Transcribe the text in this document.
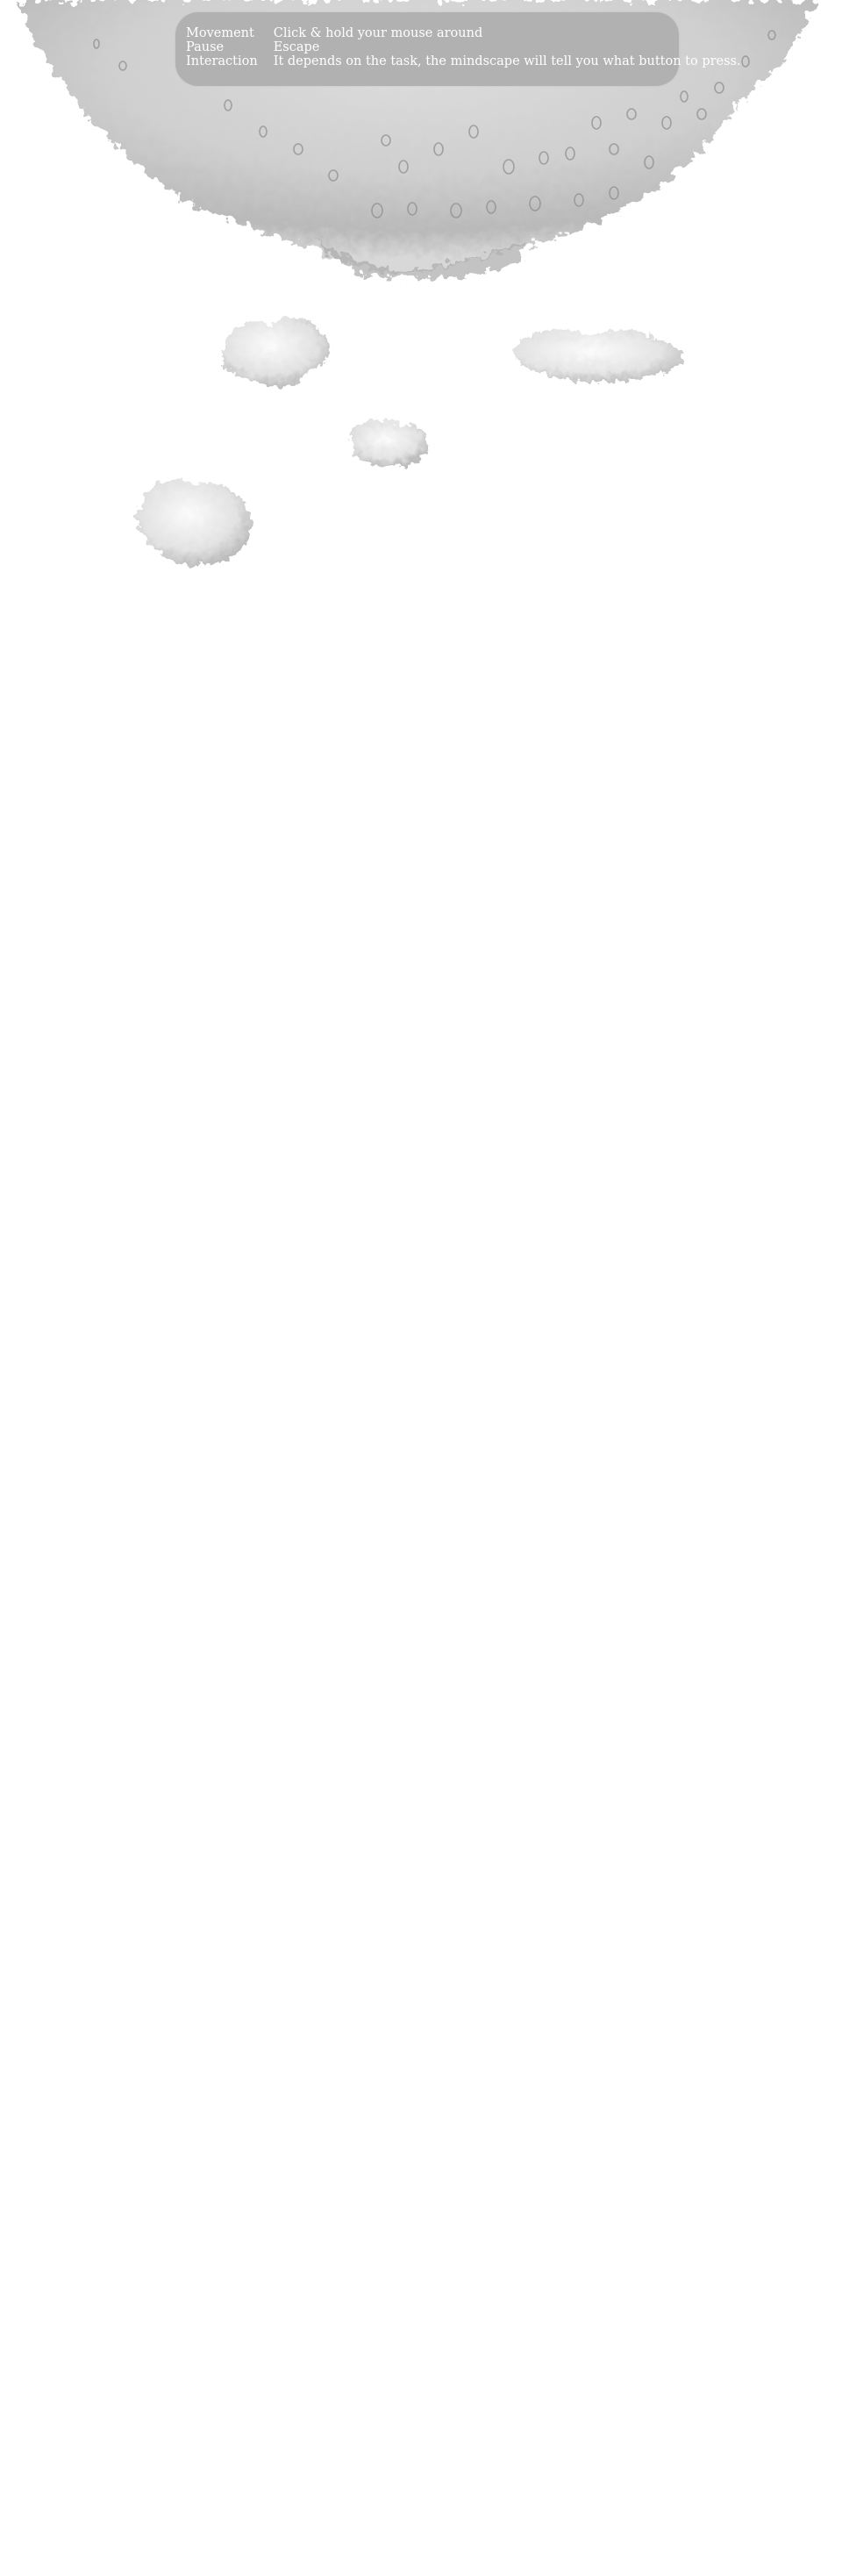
Movement
Pause
Interaction
Click & hold your mouse around
Escape
It depends on the task, the mindscape will tell you what button to press.
